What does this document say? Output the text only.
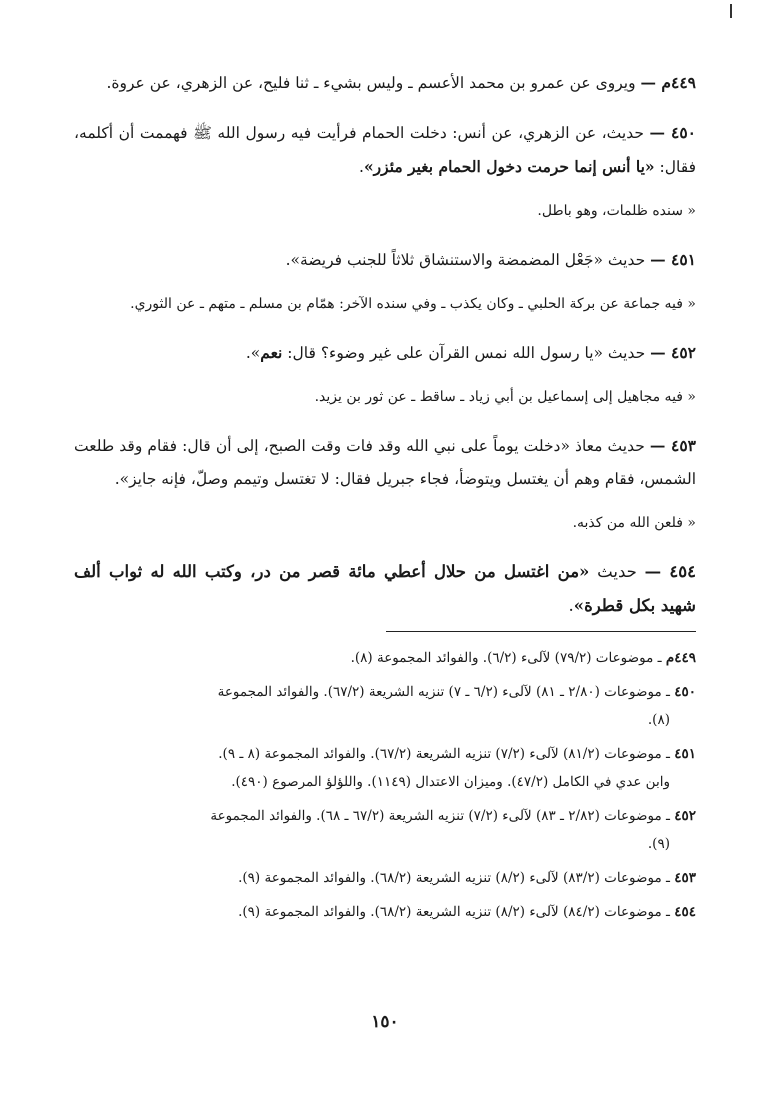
٤٤٩م — ويروى عن عمرو بن محمد الأعسم ـ وليس بشيء ـ ثنا فليح، عن الزهري، عن عروة.

٤٥٠ — حديث، عن الزهري، عن أنس: دخلت الحمام فرأيت فيه رسول الله ﷺ فهممت أن أكلمه، فقال: «يا أنس إنما حرمت دخول الحمام بغير مئزر».

« سنده ظلمات، وهو باطل.

٤٥١ — حديث «جَعْل المضمضة والاستنشاق ثلاثاً للجنب فريضة».

« فيه جماعة عن بركة الحلبي ـ وكان يكذب ـ وفي سنده الآخر: همّام بن مسلم ـ متهم ـ عن الثوري.

٤٥٢ — حديث «يا رسول الله نمس القرآن على غير وضوء؟ قال: نعم».

« فيه مجاهيل إلى إسماعيل بن أبي زياد ـ ساقط ـ عن ثور بن يزيد.

٤٥٣ — حديث معاذ «دخلت يوماً على نبي الله وقد فات وقت الصبح، إلى أن قال: فقام وقد طلعت الشمس، فقام وهم أن يغتسل ويتوضأ، فجاء جبريل فقال: لا تغتسل وتيمم وصلّ، فإنه جايز».

« فلعن الله من كذبه.

٤٥٤ — حديث «من اغتسل من حلال أعطي مائة قصر من در، وكتب الله له ثواب ألف شهيد بكل قطرة».

٤٤٩م ـ موضوعات (٧٩/٢) لآلىء (٦/٢). والفوائد المجموعة (٨).

٤٥٠ ـ موضوعات (٢/٨٠ ـ ٨١) لآلىء (٦/٢ ـ ٧) تنزيه الشريعة (٦٧/٢). والفوائد المجموعة
(٨).

٤٥١ ـ موضوعات (٨١/٢) لآلىء (٧/٢) تنزيه الشريعة (٦٧/٢). والفوائد المجموعة (٨ ـ ٩).
وابن عدي في الكامل (٤٧/٢). وميزان الاعتدال (١١٤٩). واللؤلؤ المرصوع (٤٩٠).

٤٥٢ ـ موضوعات (٢/٨٢ ـ ٨٣) لآلىء (٧/٢) تنزيه الشريعة (٦٧/٢ ـ ٦٨). والفوائد المجموعة
(٩).

٤٥٣ ـ موضوعات (٨٣/٢) لآلىء (٨/٢) تنزيه الشريعة (٦٨/٢). والفوائد المجموعة (٩).

٤٥٤ ـ موضوعات (٨٤/٢) لآلىء (٨/٢) تنزيه الشريعة (٦٨/٢). والفوائد المجموعة (٩).

١٥٠
